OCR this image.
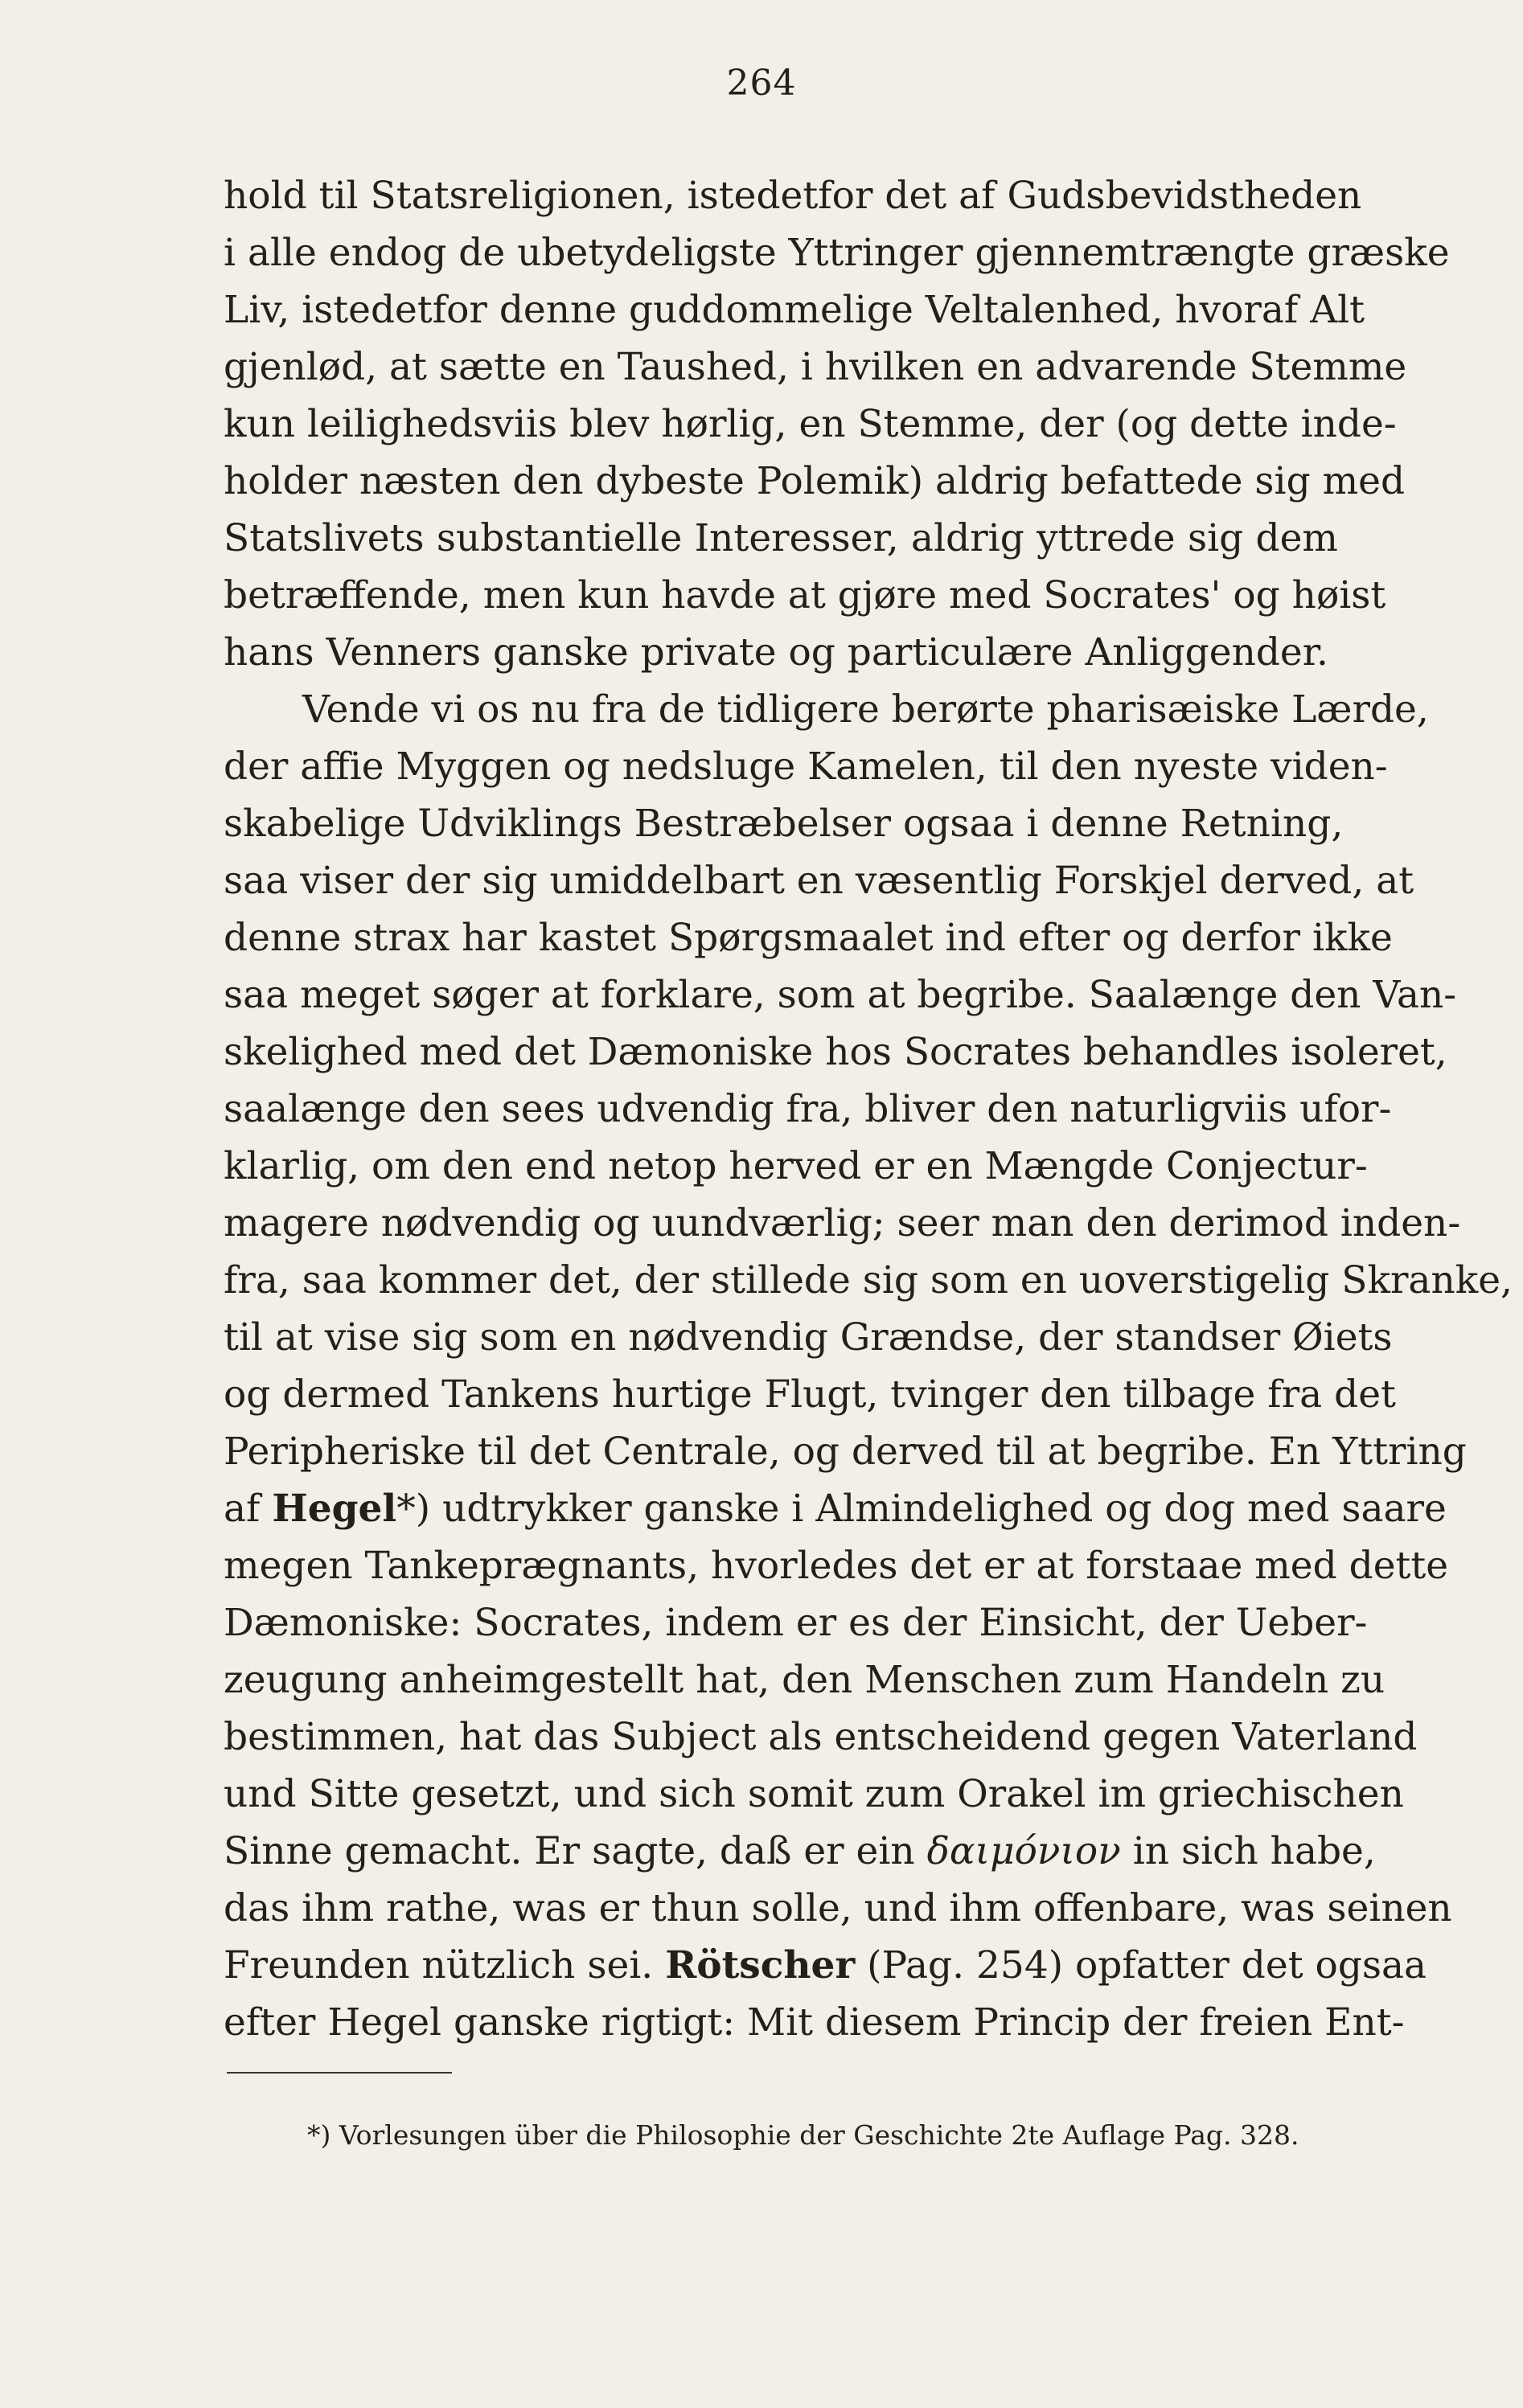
264
hold til Statsreligionen, istedetfor det af Gudsbevidstheden
i alle endog de ubetydeligste Yttringer gjennemtrængte græske
Liv, istedetfor denne guddommelige Veltalenhed, hvoraf Alt
gjenlød, at sætte en Taushed, i hvilken en advarende Stemme
kun leilighedsviis blev hørlig, en Stemme, der (og dette inde-
holder næsten den dybeste Polemik) aldrig befattede sig med
Statslivets substantielle Interesser, aldrig yttrede sig dem
betræffende, men kun havde at gjøre med Socrates' og høist
hans Venners ganske private og particulære Anliggender.
Vende vi os nu fra de tidligere berørte pharisæiske Lærde,
der affie Myggen og nedsluge Kamelen, til den nyeste viden-
skabelige Udviklings Bestræbelser ogsaa i denne Retning,
saa viser der sig umiddelbart en væsentlig Forskjel derved, at
denne strax har kastet Spørgsmaalet ind efter og derfor ikke
saa meget søger at forklare, som at begribe. Saalænge den Van-
skelighed med det Dæmoniske hos Socrates behandles isoleret,
saalænge den sees udvendig fra, bliver den naturligviis ufor-
klarlig, om den end netop herved er en Mængde Conjectur-
magere nødvendig og uundværlig; seer man den derimod inden-
fra, saa kommer det, der stillede sig som en uoverstigelig Skranke,
til at vise sig som en nødvendig Grændse, der standser Øiets
og dermed Tankens hurtige Flugt, tvinger den tilbage fra det
Peripheriske til det Centrale, og derved til at begribe. En Yttring
af Hegel*) udtrykker ganske i Almindelighed og dog med saare
megen Tankeprægnants, hvorledes det er at forstaae med dette
Dæmoniske: Socrates, indem er es der Einsicht, der Ueber-
zeugung anheimgestellt hat, den Menschen zum Handeln zu
bestimmen, hat das Subject als entscheidend gegen Vaterland
und Sitte gesetzt, und sich somit zum Orakel im griechischen
Sinne gemacht. Er sagte, daß er ein δαιμόνιον in sich habe,
das ihm rathe, was er thun solle, und ihm offenbare, was seinen
Freunden nützlich sei. Rötscher (Pag. 254) opfatter det ogsaa
efter Hegel ganske rigtigt: Mit diesem Princip der freien Ent-
*) Vorlesungen über die Philosophie der Geschichte 2te Auflage Pag. 328.
